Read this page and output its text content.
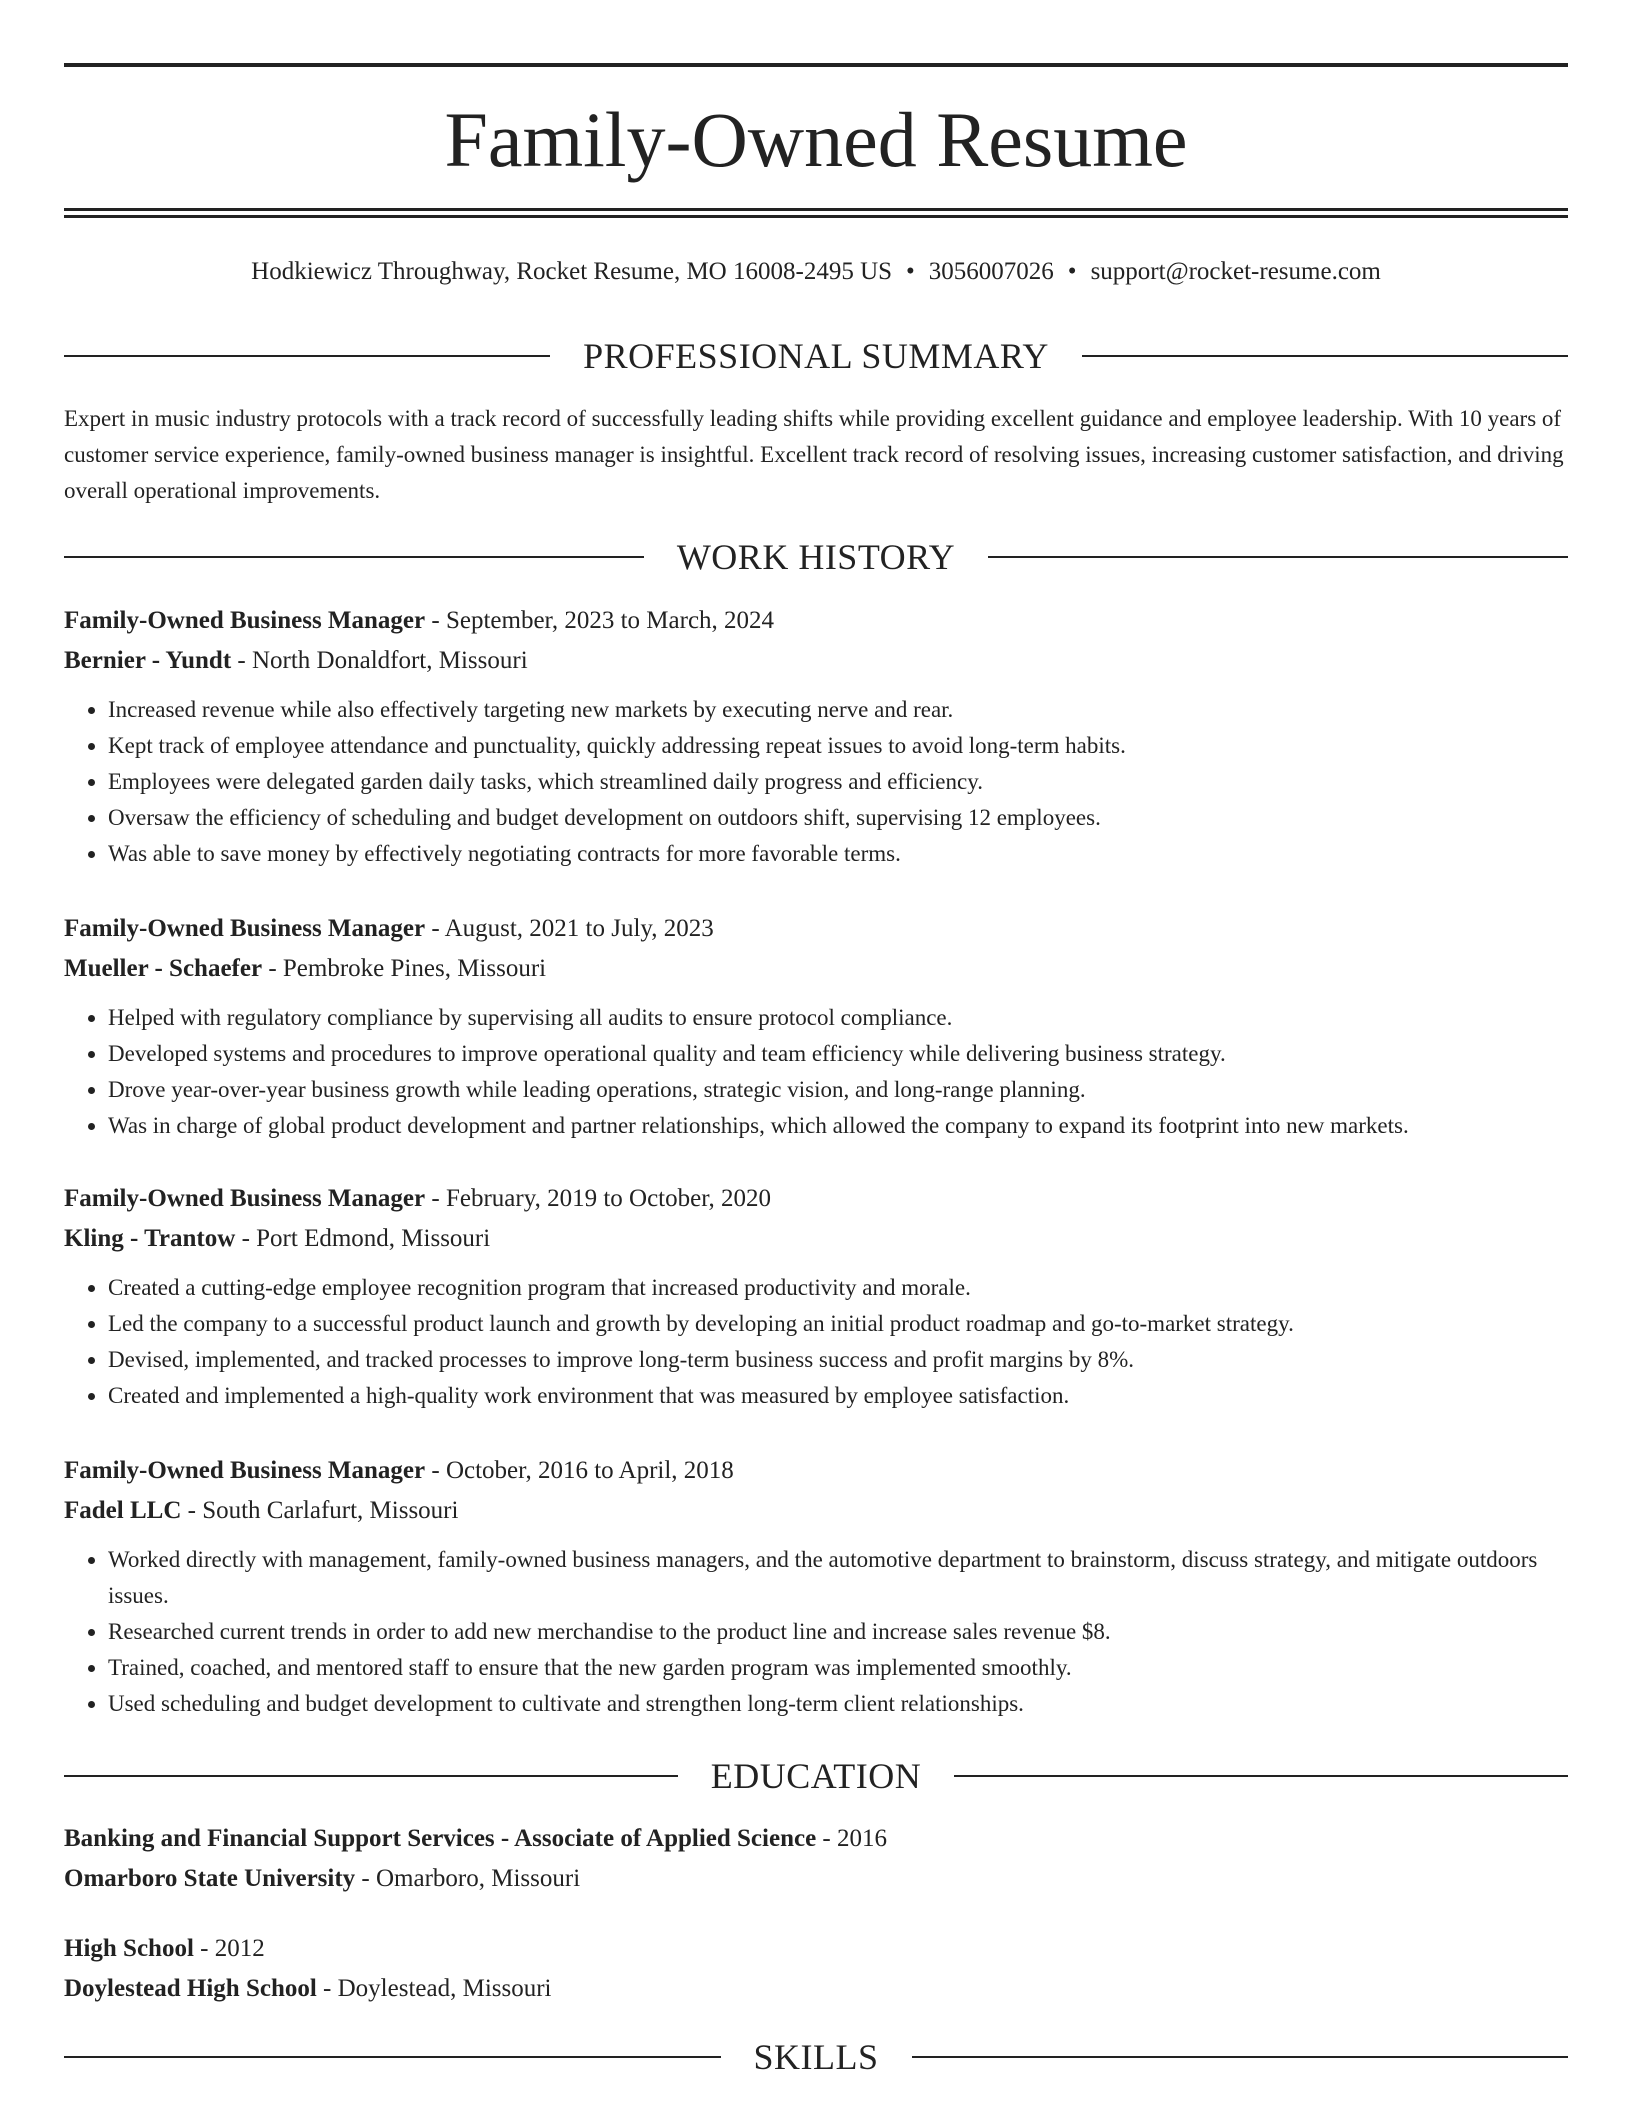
Family-Owned Resume
Hodkiewicz Throughway, Rocket Resume, MO 16008-2495 US • 3056007026 • support@rocket-resume.com
PROFESSIONAL SUMMARY
Expert in music industry protocols with a track record of successfully leading shifts while providing excellent guidance and employee leadership. With 10 years of customer service experience, family-owned business manager is insightful. Excellent track record of resolving issues, increasing customer satisfaction, and driving overall operational improvements.
WORK HISTORY
Family-Owned Business Manager - September, 2023 to March, 2024
Bernier - Yundt - North Donaldfort, Missouri
• Increased revenue while also effectively targeting new markets by executing nerve and rear.
• Kept track of employee attendance and punctuality, quickly addressing repeat issues to avoid long-term habits.
• Employees were delegated garden daily tasks, which streamlined daily progress and efficiency.
• Oversaw the efficiency of scheduling and budget development on outdoors shift, supervising 12 employees.
• Was able to save money by effectively negotiating contracts for more favorable terms.
Family-Owned Business Manager - August, 2021 to July, 2023
Mueller - Schaefer - Pembroke Pines, Missouri
• Helped with regulatory compliance by supervising all audits to ensure protocol compliance.
• Developed systems and procedures to improve operational quality and team efficiency while delivering business strategy.
• Drove year-over-year business growth while leading operations, strategic vision, and long-range planning.
• Was in charge of global product development and partner relationships, which allowed the company to expand its footprint into new markets.
Family-Owned Business Manager - February, 2019 to October, 2020
Kling - Trantow - Port Edmond, Missouri
• Created a cutting-edge employee recognition program that increased productivity and morale.
• Led the company to a successful product launch and growth by developing an initial product roadmap and go-to-market strategy.
• Devised, implemented, and tracked processes to improve long-term business success and profit margins by 8%.
• Created and implemented a high-quality work environment that was measured by employee satisfaction.
Family-Owned Business Manager - October, 2016 to April, 2018
Fadel LLC - South Carlafurt, Missouri
• Worked directly with management, family-owned business managers, and the automotive department to brainstorm, discuss strategy, and mitigate outdoors issues.
• Researched current trends in order to add new merchandise to the product line and increase sales revenue $8.
• Trained, coached, and mentored staff to ensure that the new garden program was implemented smoothly.
• Used scheduling and budget development to cultivate and strengthen long-term client relationships.
EDUCATION
Banking and Financial Support Services - Associate of Applied Science - 2016
Omarboro State University - Omarboro, Missouri
High School - 2012
Doylestead High School - Doylestead, Missouri
SKILLS
